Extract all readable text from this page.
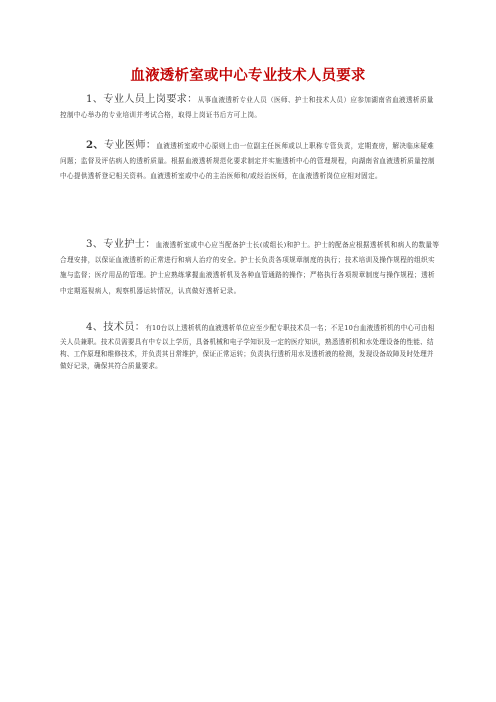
血液透析室或中心专业技术人员要求
1、专业人员上岗要求：从事血液透析专业人员（医师、护士和技术人员）应参加湖南省血液透析质量控制中心举办的专业培训并考试合格，取得上岗证书后方可上岗。
2、专业医师：血液透析室或中心原则上由一位副主任医师或以上职称专管负责，定期查房，解决临床疑难问题；监督及评估病人的透析质量。根据血液透析规范化要求制定并实施透析中心的管理规程，向湖南省血液透析质量控制中心提供透析登记相关资料。血液透析室或中心的主治医师和/或经治医师，在血液透析岗位应相对固定。
3、专业护士：血液透析室或中心应当配备护士长(或组长)和护士。护士的配备应根据透析机和病人的数量等合理安排，以保证血液透析的正常进行和病人治疗的安全。护士长负责各项规章制度的执行；技术培训及操作规程的组织实施与监督；医疗用品的管理。护士应熟练掌握血液透析机及各种血管通路的操作；严格执行各项规章制度与操作规程；透析中定期巡视病人，观察机器运转情况，认真做好透析记录。
4、技术员：有10台以上透析机的血液透析单位应至少配专职技术员一名；不足10台血液透析机的中心可由相关人员兼职。技术员需要具有中专以上学历，具备机械和电子学知识及一定的医疗知识，熟悉透析机和水处理设备的性能、结构、工作原理和维修技术，并负责其日常维护，保证正常运转；负责执行透析用水及透析液的检测，发现设备故障及时处理并做好记录，确保其符合质量要求。
